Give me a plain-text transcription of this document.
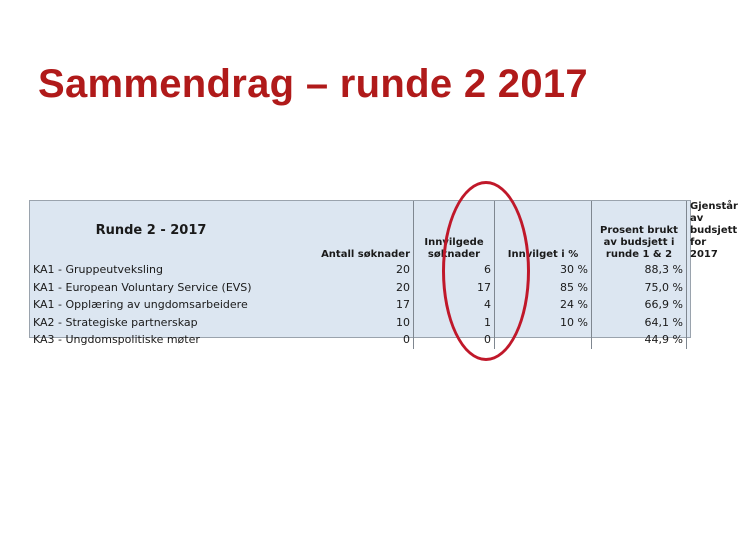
Sammendrag – runde 2 2017
Runde 2 - 2017	Antall søknader	Innvilgede søknader	Innvilget i %	Prosent brukt av budsjett i runde 1 & 2	Gjenstår av budsjett for 2017
KA1 - Gruppeutveksling	20	6	30 %	88,3 %		
KA1 - European Voluntary Service (EVS)	20	17	85 %	75,0 %		
KA1 - Opplæring av ungdomsarbeidere	17	4	24 %	66,9 %		
KA2 - Strategiske partnerskap	10	1	10 %	64,1 %		
KA3 - Ungdomspolitiske møter	0	0		44,9 %		
